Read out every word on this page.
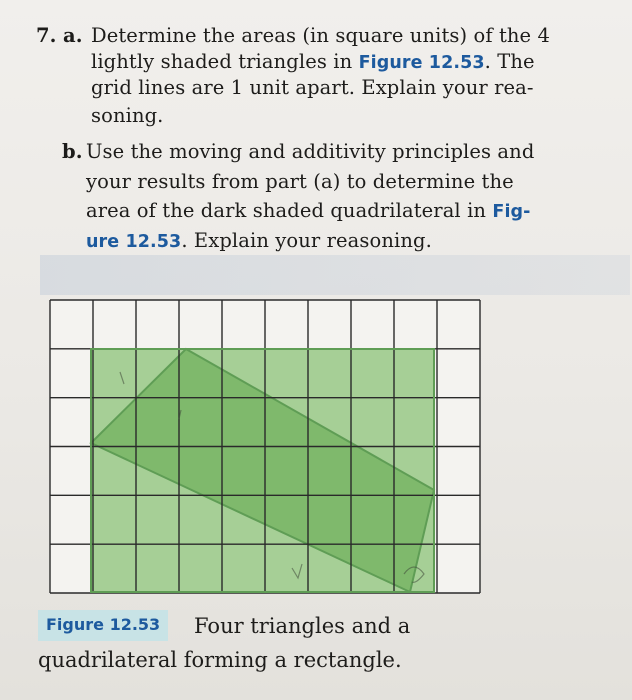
7. a. Determine the areas (in square units) of the 4
lightly shaded triangles in Figure 12.53. The
grid lines are 1 unit apart. Explain your rea-
soning.
b. Use the moving and additivity principles and
your results from part (a) to determine the
area of the dark shaded quadrilateral in Fig-
ure 12.53. Explain your reasoning.
Figure 12.53	Four triangles and a
quadrilateral forming a rectangle.
